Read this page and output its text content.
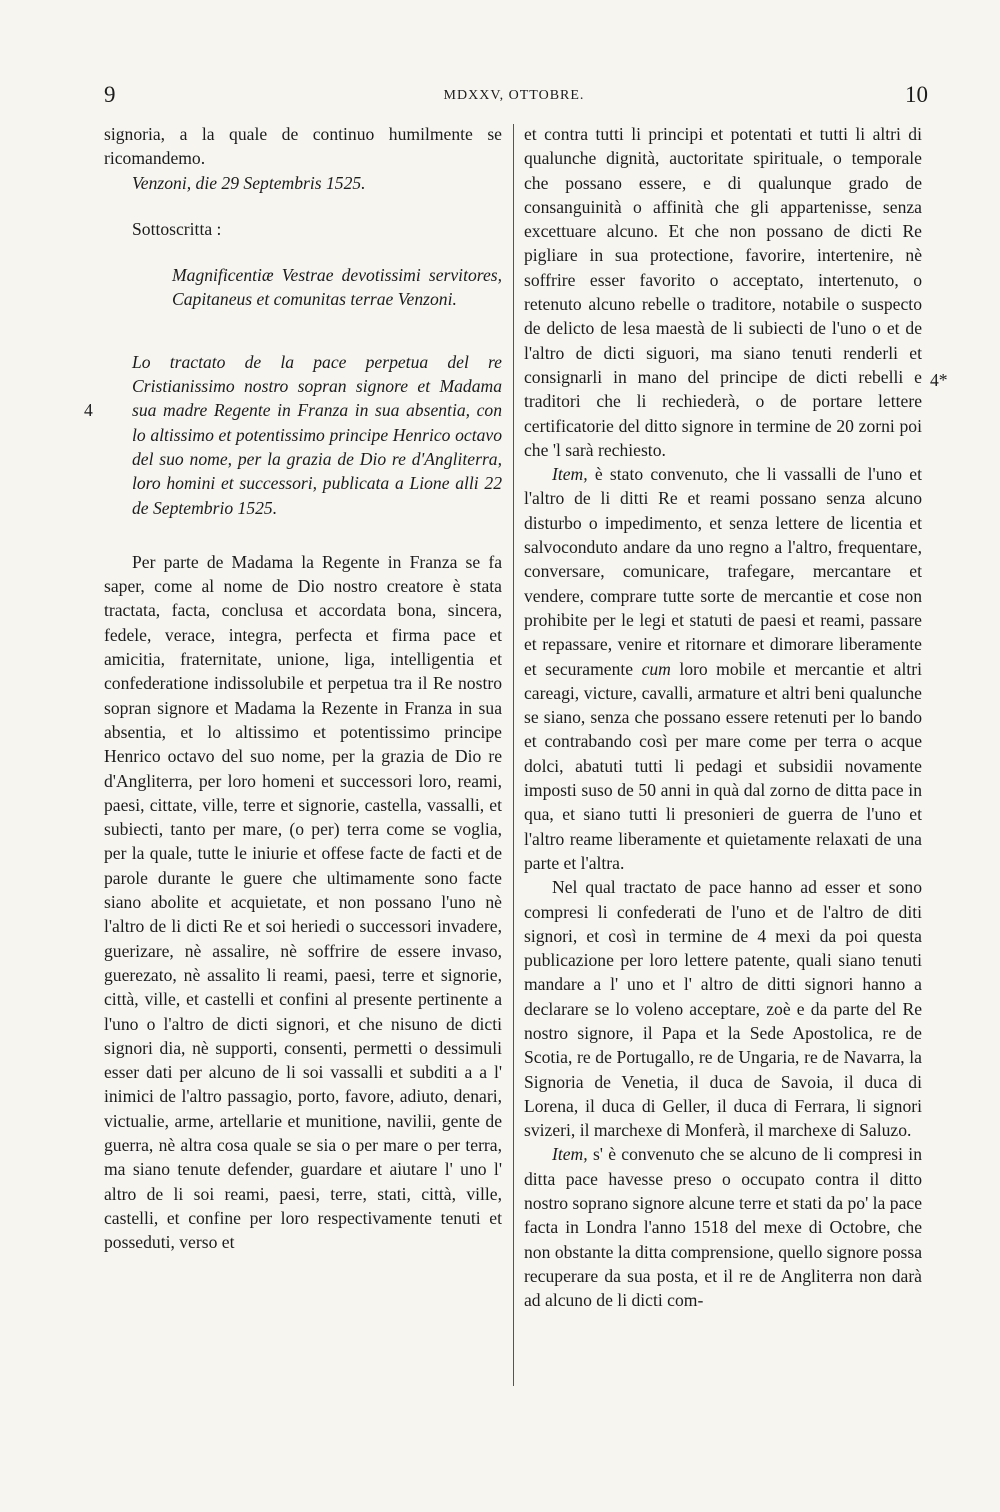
9	MDXXV, OTTOBRE.	10
4
4*

signoria, a la quale de continuo humilmente se ricomandemo.

Venzoni, die 29 Septembris 1525.

Sottoscritta :

Magnificentiæ Vestrae devotissimi servitores, Capitaneus et comunitas terrae Venzoni.

Lo tractato de la pace perpetua del re Cristianissimo nostro sopran signore et Madama sua madre Regente in Franza in sua absentia, con lo altissimo et potentissimo principe Henrico octavo del suo nome, per la grazia de Dio re d'Angliterra, loro homini et successori, publicata a Lione alli 22 de Septembrio 1525.

Per parte de Madama la Regente in Franza se fa saper, come al nome de Dio nostro creatore è stata tractata, facta, conclusa et accordata bona, sincera, fedele, verace, integra, perfecta et firma pace et amicitia, fraternitate, unione, liga, intelligentia et confederatione indissolubile et perpetua tra il Re nostro sopran signore et Madama la Rezente in Franza in sua absentia, et lo altissimo et potentissimo principe Henrico octavo del suo nome, per la grazia de Dio re d'Angliterra, per loro homeni et successori loro, reami, paesi, cittate, ville, terre et signorie, castella, vassalli, et subiecti, tanto per mare, (o per) terra come se voglia, per la quale, tutte le iniurie et offese facte de facti et de parole durante le guere che ultimamente sono facte siano abolite et acquietate, et non possano l'uno nè l'altro de li dicti Re et soi heriedi o successori invadere, guerizare, nè assalire, nè soffrire de essere invaso, guerezato, nè assalito li reami, paesi, terre et signorie, città, ville, et castelli et confini al presente pertinente a l'uno o l'altro de dicti signori, et che nisuno de dicti signori dia, nè supporti, consenti, permetti o dessimuli esser dati per alcuno de li soi vassalli et subditi a a l' inimici de l'altro passagio, porto, favore, adiuto, denari, victualie, arme, artellarie et munitione, navilii, gente de guerra, nè altra cosa quale se sia o per mare o per terra, ma siano tenute defender, guardare et aiutare l' uno l' altro de li soi reami, paesi, terre, stati, città, ville, castelli, et confine per loro respectivamente tenuti et posseduti, verso et

et contra tutti li principi et potentati et tutti li altri di qualunche dignità, auctoritate spirituale, o temporale che possano essere, e di qualunque grado de consanguinità o affinità che gli appartenisse, senza excettuare alcuno. Et che non possano de dicti Re pigliare in sua protectione, favorire, intertenire, nè soffrire esser favorito o acceptato, intertenuto, o retenuto alcuno rebelle o traditore, notabile o suspecto de delicto de lesa maestà de li subiecti de l'uno o et de l'altro de dicti siguori, ma siano tenuti renderli et consignarli in mano del principe de dicti rebelli e traditori che li rechiederà, o de portare lettere certificatorie del ditto signore in termine de 20 zorni poi che 'l sarà rechiesto.

Item, è stato convenuto, che li vassalli de l'uno et l'altro de li ditti Re et reami possano senza alcuno disturbo o impedimento, et senza lettere de licentia et salvoconduto andare da uno regno a l'altro, frequentare, conversare, comunicare, trafegare, mercantare et vendere, comprare tutte sorte de mercantie et cose non prohibite per le legi et statuti de paesi et reami, passare et repassare, venire et ritornare et dimorare liberamente et securamente cum loro mobile et mercantie et altri careagi, victure, cavalli, armature et altri beni qualunche se siano, senza che possano essere retenuti per lo bando et contrabando così per mare come per terra o acque dolci, abatuti tutti li pedagi et subsidii novamente imposti suso de 50 anni in quà dal zorno de ditta pace in qua, et siano tutti li presonieri de guerra de l'uno et l'altro reame liberamente et quietamente relaxati de una parte et l'altra.

Nel qual tractato de pace hanno ad esser et sono compresi li confederati de l'uno et de l'altro de diti signori, et così in termine de 4 mexi da poi questa publicazione per loro lettere patente, quali siano tenuti mandare a l' uno et l' altro de ditti signori hanno a declarare se lo voleno acceptare, zoè e da parte del Re nostro signore, il Papa et la Sede Apostolica, re de Scotia, re de Portugallo, re de Ungaria, re de Navarra, la Signoria de Venetia, il duca de Savoia, il duca di Lorena, il duca di Geller, il duca di Ferrara, li signori svizeri, il marchexe di Monferà, il marchexe di Saluzo.

Item, s' è convenuto che se alcuno de li compresi in ditta pace havesse preso o occupato contra il ditto nostro soprano signore alcune terre et stati da po' la pace facta in Londra l'anno 1518 del mexe di Octobre, che non obstante la ditta comprensione, quello signore possa recuperare da sua posta, et il re de Angliterra non darà ad alcuno de li dicti com-
